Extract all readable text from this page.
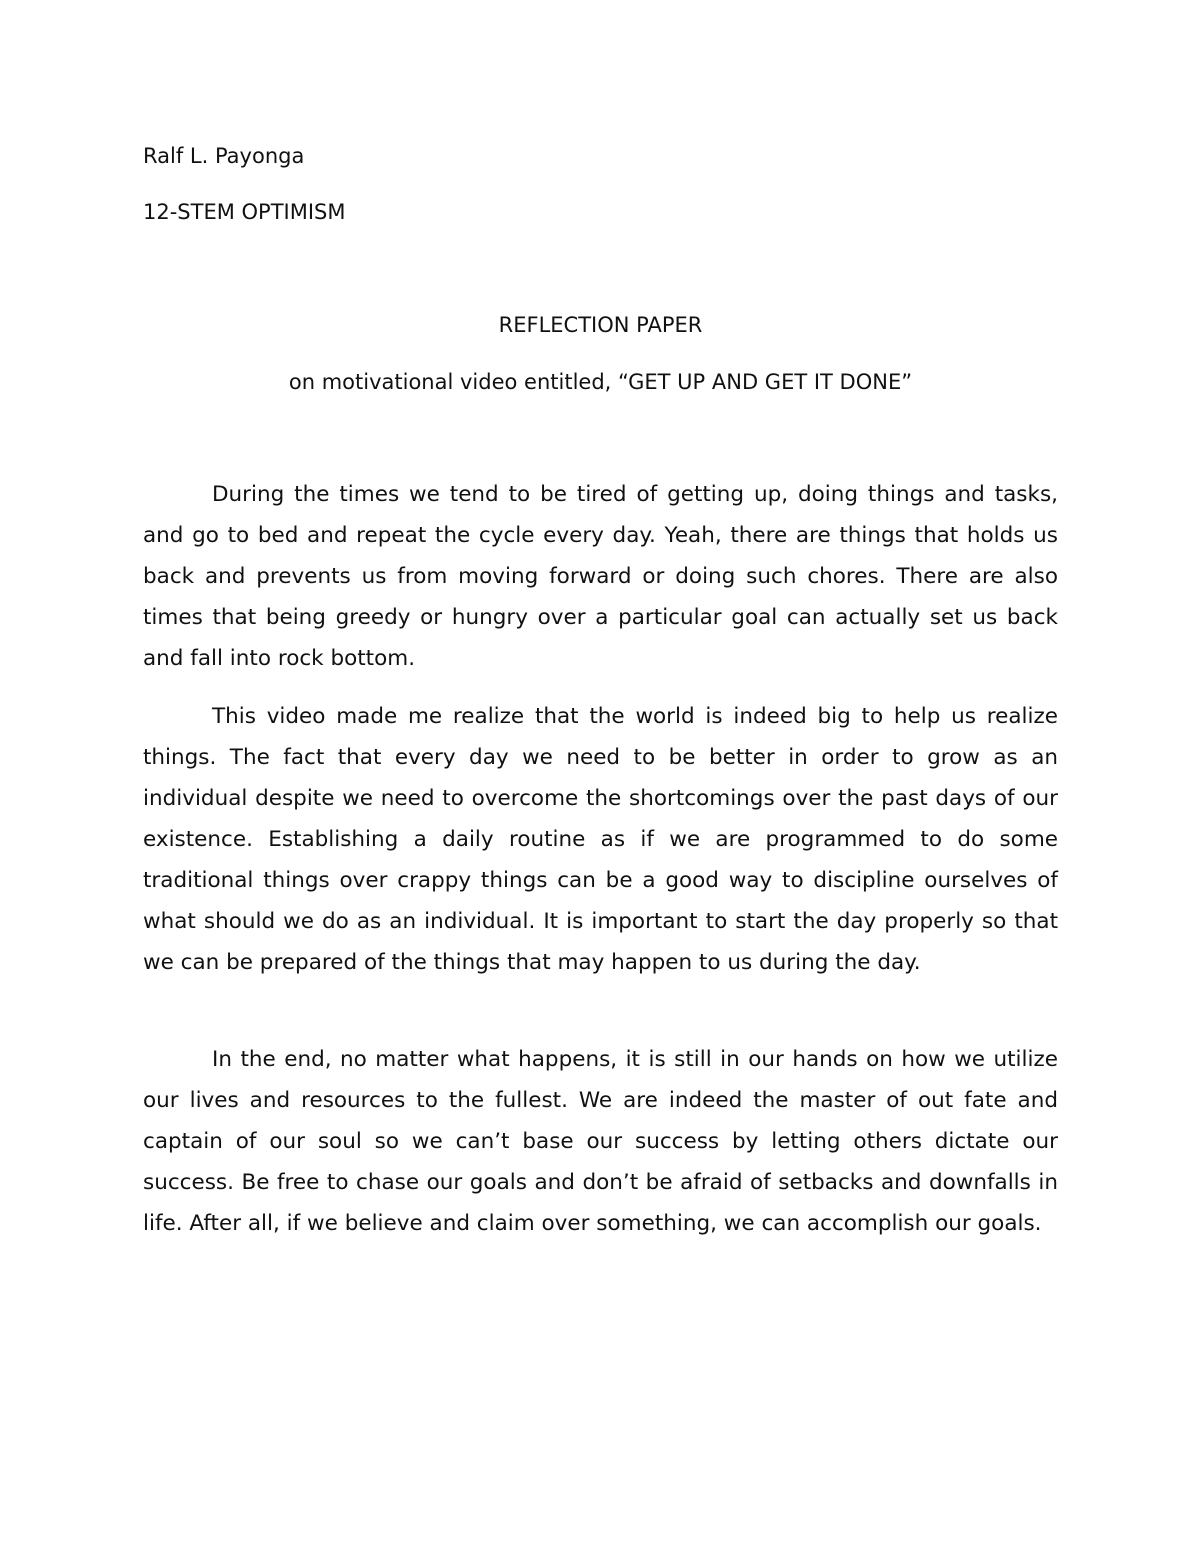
Ralf L. Payonga
12-STEM OPTIMISM
REFLECTION PAPER
on motivational video entitled, “GET UP AND GET IT DONE”

During the times we tend to be tired of getting up, doing things and tasks, and go to bed and repeat the cycle every day. Yeah, there are things that holds us back and prevents us from moving forward or doing such chores. There are also times that being greedy or hungry over a particular goal can actually set us back and fall into rock bottom.

This video made me realize that the world is indeed big to help us realize things. The fact that every day we need to be better in order to grow as an individual despite we need to overcome the shortcomings over the past days of our existence. Establishing a daily routine as if we are programmed to do some traditional things over crappy things can be a good way to discipline ourselves of what should we do as an individual. It is important to start the day properly so that we can be prepared of the things that may happen to us during the day.

In the end, no matter what happens, it is still in our hands on how we utilize our lives and resources to the fullest. We are indeed the master of out fate and captain of our soul so we can’t base our success by letting others dictate our success. Be free to chase our goals and don’t be afraid of setbacks and downfalls in life. After all, if we believe and claim over something, we can accomplish our goals.
